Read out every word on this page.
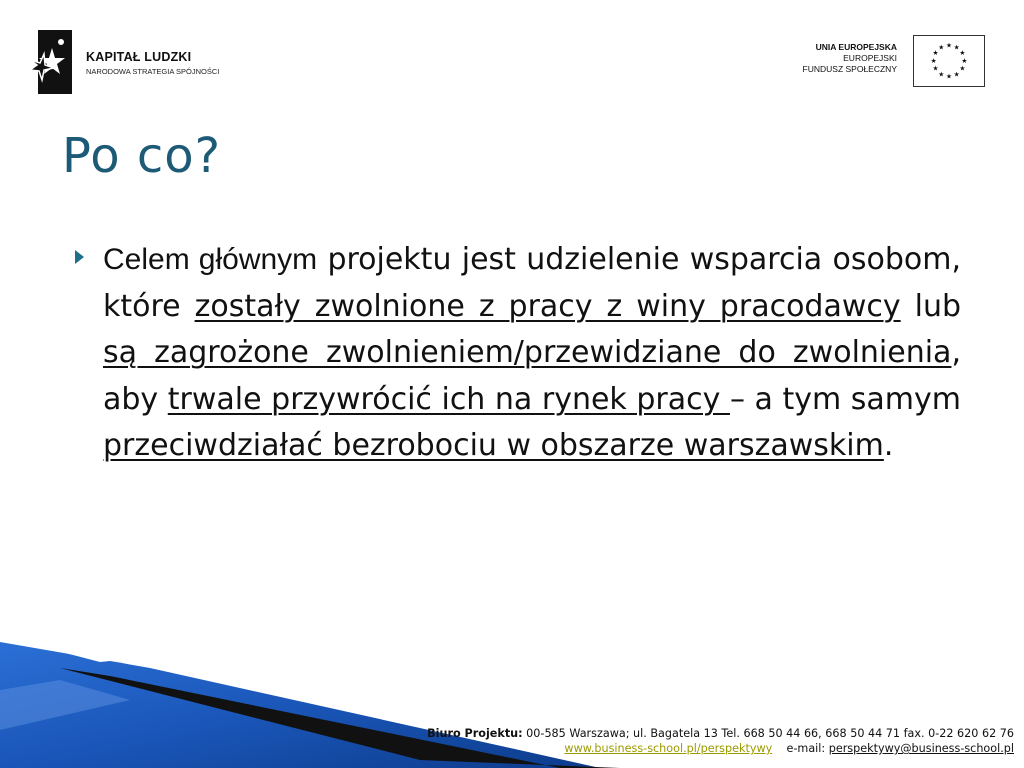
KAPITAŁ LUDZKI
NARODOWA STRATEGIA SPÓJNOŚCI
UNIA EUROPEJSKA
EUROPEJSKI
FUNDUSZ SPOŁECZNY
★ ★
★
★
★
★
★
★
★
★
★
★
Po co?
Celem głównym projektu jest udzielenie wsparcia osobom, które zostały zwolnione z pracy z winy pracodawcy lub są zagrożone zwolnieniem/przewidziane do zwolnienia, aby trwale przywrócić ich na rynek pracy – a tym samym przeciwdziałać bezrobociu w obszarze warszawskim.
Biuro Projektu: 00-585 Warszawa; ul. Bagatela 13 Tel. 668 50 44 66, 668 50 44 71 fax. 0-22 620 62 76
www.business-school.pl/perspektywy e-mail: perspektywy@business-school.pl
